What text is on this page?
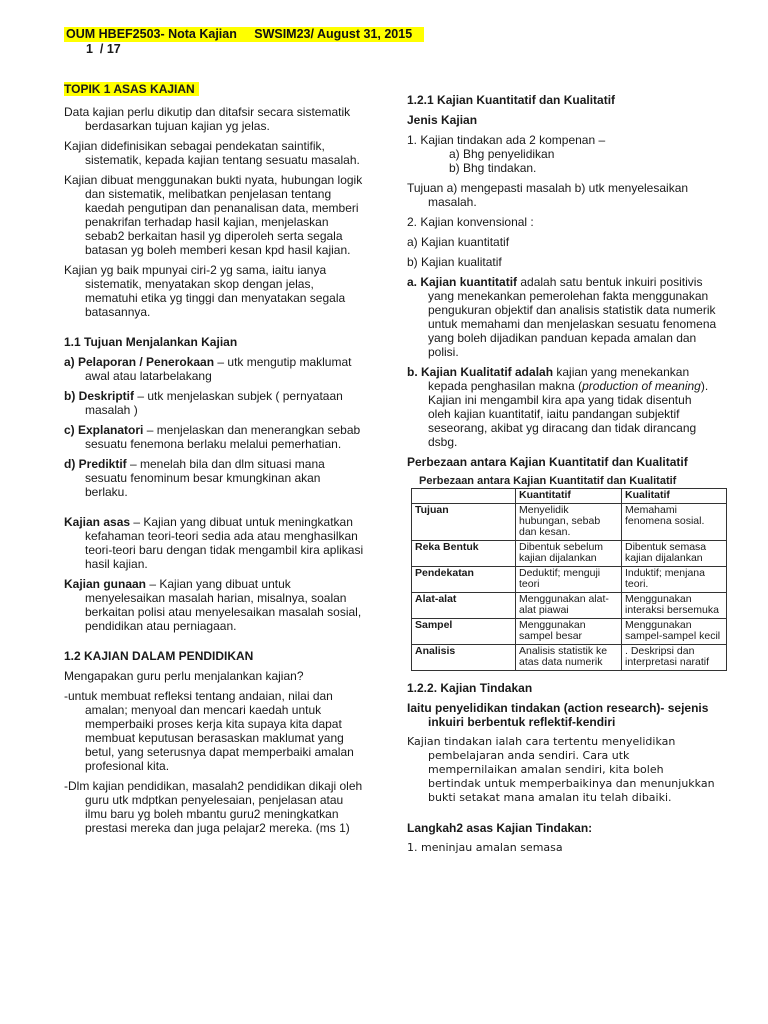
OUM HBEF2503- Nota Kajian     SWSIM23/ August 31, 2015
1  / 17
TOPIK 1 ASAS KAJIAN
Data kajian perlu dikutip dan ditafsir secara sistematik berdasarkan tujuan kajian yg jelas.
Kajian didefinisikan sebagai pendekatan saintifik, sistematik, kepada kajian tentang sesuatu masalah.
Kajian dibuat menggunakan bukti nyata, hubungan logik dan sistematik, melibatkan penjelasan tentang kaedah pengutipan dan penanalisan data, memberi penakrifan terhadap hasil kajian, menjelaskan sebab2 berkaitan hasil yg diperoleh serta segala batasan yg boleh memberi kesan kpd hasil kajian.
Kajian yg baik mpunyai ciri-2 yg sama, iaitu ianya sistematik, menyatakan skop dengan jelas, mematuhi etika yg tinggi dan menyatakan segala batasannya.
1.1 Tujuan Menjalankan Kajian
a) Pelaporan / Penerokaan – utk mengutip maklumat awal atau latarbelakang
b) Deskriptif – utk menjelaskan subjek ( pernyataan masalah )
c) Explanatori – menjelaskan dan menerangkan sebab sesuatu fenemona berlaku melalui pemerhatian.
d) Prediktif – menelah bila dan dlm situasi mana sesuatu fenominum besar kmungkinan akan berlaku.
Kajian asas – Kajian yang dibuat untuk meningkatkan kefahaman teori-teori sedia ada atau menghasilkan teori-teori baru dengan tidak mengambil kira aplikasi hasil kajian.
Kajian gunaan – Kajian yang dibuat untuk menyelesaikan masalah harian, misalnya, soalan berkaitan polisi atau menyelesaikan masalah sosial, pendidikan atau perniagaan.
1.2 KAJIAN DALAM PENDIDIKAN
Mengapakan guru perlu menjalankan kajian?
-untuk membuat refleksi tentang andaian, nilai dan amalan; menyoal dan mencari kaedah untuk memperbaiki proses kerja kita supaya kita dapat membuat keputusan berasaskan maklumat yang betul, yang seterusnya dapat memperbaiki amalan profesional kita.
-Dlm kajian pendidikan, masalah2 pendidikan dikaji oleh guru utk mdptkan penyelesaian, penjelasan atau ilmu baru yg boleh mbantu guru2 meningkatkan prestasi mereka dan juga pelajar2 mereka. (ms 1)
1.2.1 Kajian Kuantitatif dan Kualitatif
Jenis Kajian
1. Kajian tindakan ada 2 kompenan –
a) Bhg penyelidikan
b) Bhg tindakan.
Tujuan a) mengepasti masalah b) utk menyelesaikan masalah.
2. Kajian konvensional :
a) Kajian kuantitatif
b) Kajian kualitatif
a. Kajian kuantitatif adalah satu bentuk inkuiri positivis yang menekankan pemerolehan fakta menggunakan pengukuran objektif dan analisis statistik data numerik untuk memahami dan menjelaskan sesuatu fenomena yang boleh dijadikan panduan kepada amalan dan polisi.
b. Kajian Kualitatif adalah kajian yang menekankan kepada penghasilan makna (production of meaning). Kajian ini mengambil kira apa yang tidak disentuh oleh kajian kuantitatif, iaitu pandangan subjektif seseorang, akibat yg diracang dan tidak dirancang dsbg.
Perbezaan antara Kajian Kuantitatif dan Kualitatif
Perbezaan antara Kajian Kuantitatif dan Kualitatif
	Kuantitatif	Kualitatif
Tujuan	Menyelidik hubungan, sebab dan kesan.	Memahami fenomena sosial.
Reka Bentuk	Dibentuk sebelum kajian dijalankan	Dibentuk semasa kajian dijalankan
Pendekatan	Deduktif; menguji teori	Induktif; menjana teori.
Alat-alat	Menggunakan alat-alat piawai	Menggunakan interaksi bersemuka
Sampel	Menggunakan sampel besar	Menggunakan sampel-sampel kecil
Analisis	Analisis statistik ke atas data numerik	. Deskripsi dan interpretasi naratif
1.2.2. Kajian Tindakan
Iaitu penyelidikan tindakan (action research)- sejenis inkuiri berbentuk reflektif-kendiri
Kajian tindakan ialah cara tertentu menyelidikan pembelajaran anda sendiri. Cara utk mempernilaikan amalan sendiri, kita boleh bertindak untuk memperbaikinya dan menunjukkan bukti setakat mana amalan itu telah dibaiki.
Langkah2 asas Kajian Tindakan:
1. meninjau amalan semasa
